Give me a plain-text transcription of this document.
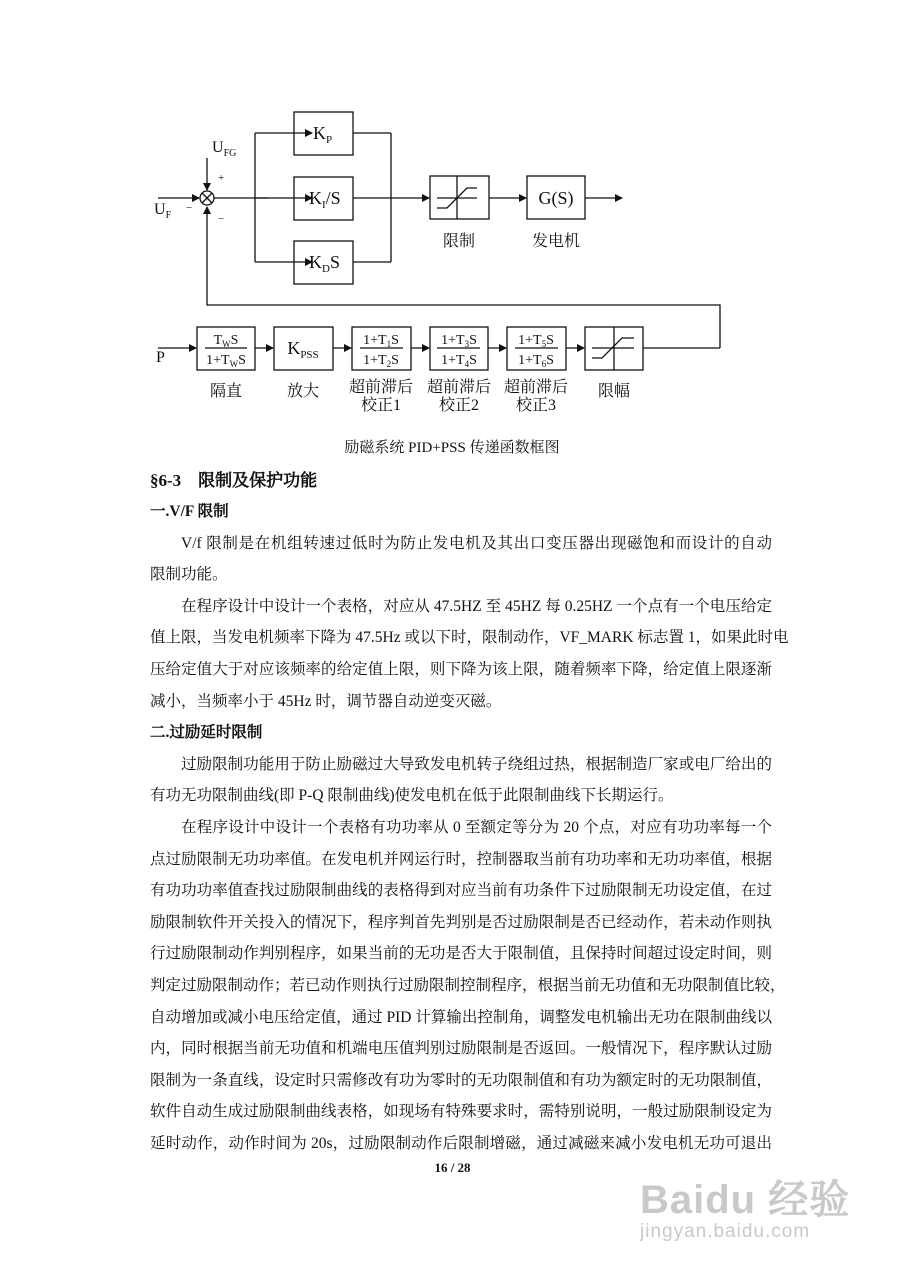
$U_{FG}$
$U_F$
+
−
−
$K_P$
$K_I/S$
$K_DS$
G(S)
限制	发电机
P
$T_WS$
$1+T_WS$
$K_{PSS}$
$1+T_1S$
$1+T_2S$
$1+T_3S$
$1+T_4S$
$1+T_5S$
$1+T_6S$
隔直	放大 超前滞后
校正1
超前滞后
校正2
超前滞后
校正3
限幅
励磁系统 PID+PSS 传递函数框图
§6-3　限制及保护功能
一.V/F 限制
V/f 限制是在机组转速过低时为防止发电机及其出口变压器出现磁饱和而设计的自动
限制功能。
在程序设计中设计一个表格，对应从 47.5HZ 至 45HZ 每 0.25HZ 一个点有一个电压给定
值上限，当发电机频率下降为 47.5Hz 或以下时，限制动作，VF_MARK 标志置 1，如果此时电
压给定值大于对应该频率的给定值上限，则下降为该上限，随着频率下降，给定值上限逐渐
减小，当频率小于 45Hz 时，调节器自动逆变灭磁。
二.过励延时限制
过励限制功能用于防止励磁过大导致发电机转子绕组过热，根据制造厂家或电厂给出的
有功无功限制曲线(即 P-Q 限制曲线)使发电机在低于此限制曲线下长期运行。
在程序设计中设计一个表格有功功率从 0 至额定等分为 20 个点，对应有功功率每一个
点过励限制无功功率值。在发电机并网运行时，控制器取当前有功功率和无功功率值，根据
有功功功率值查找过励限制曲线的表格得到对应当前有功条件下过励限制无功设定值，在过
励限制软件开关投入的情况下，程序判首先判别是否过励限制是否已经动作，若未动作则执
行过励限制动作判别程序，如果当前的无功是否大于限制值，且保持时间超过设定时间，则
判定过励限制动作；若已动作则执行过励限制控制程序，根据当前无功值和无功限制值比较，
自动增加或减小电压给定值，通过 PID 计算输出控制角，调整发电机输出无功在限制曲线以
内，同时根据当前无功值和机端电压值判别过励限制是否返回。一般情况下，程序默认过励
限制为一条直线，设定时只需修改有功为零时的无功限制值和有功为额定时的无功限制值，
软件自动生成过励限制曲线表格，如现场有特殊要求时，需特别说明，一般过励限制设定为
延时动作，动作时间为 20s，过励限制动作后限制增磁，通过减磁来减小发电机无功可退出
16 / 28
Baidu 经验
jingyan.baidu.com
